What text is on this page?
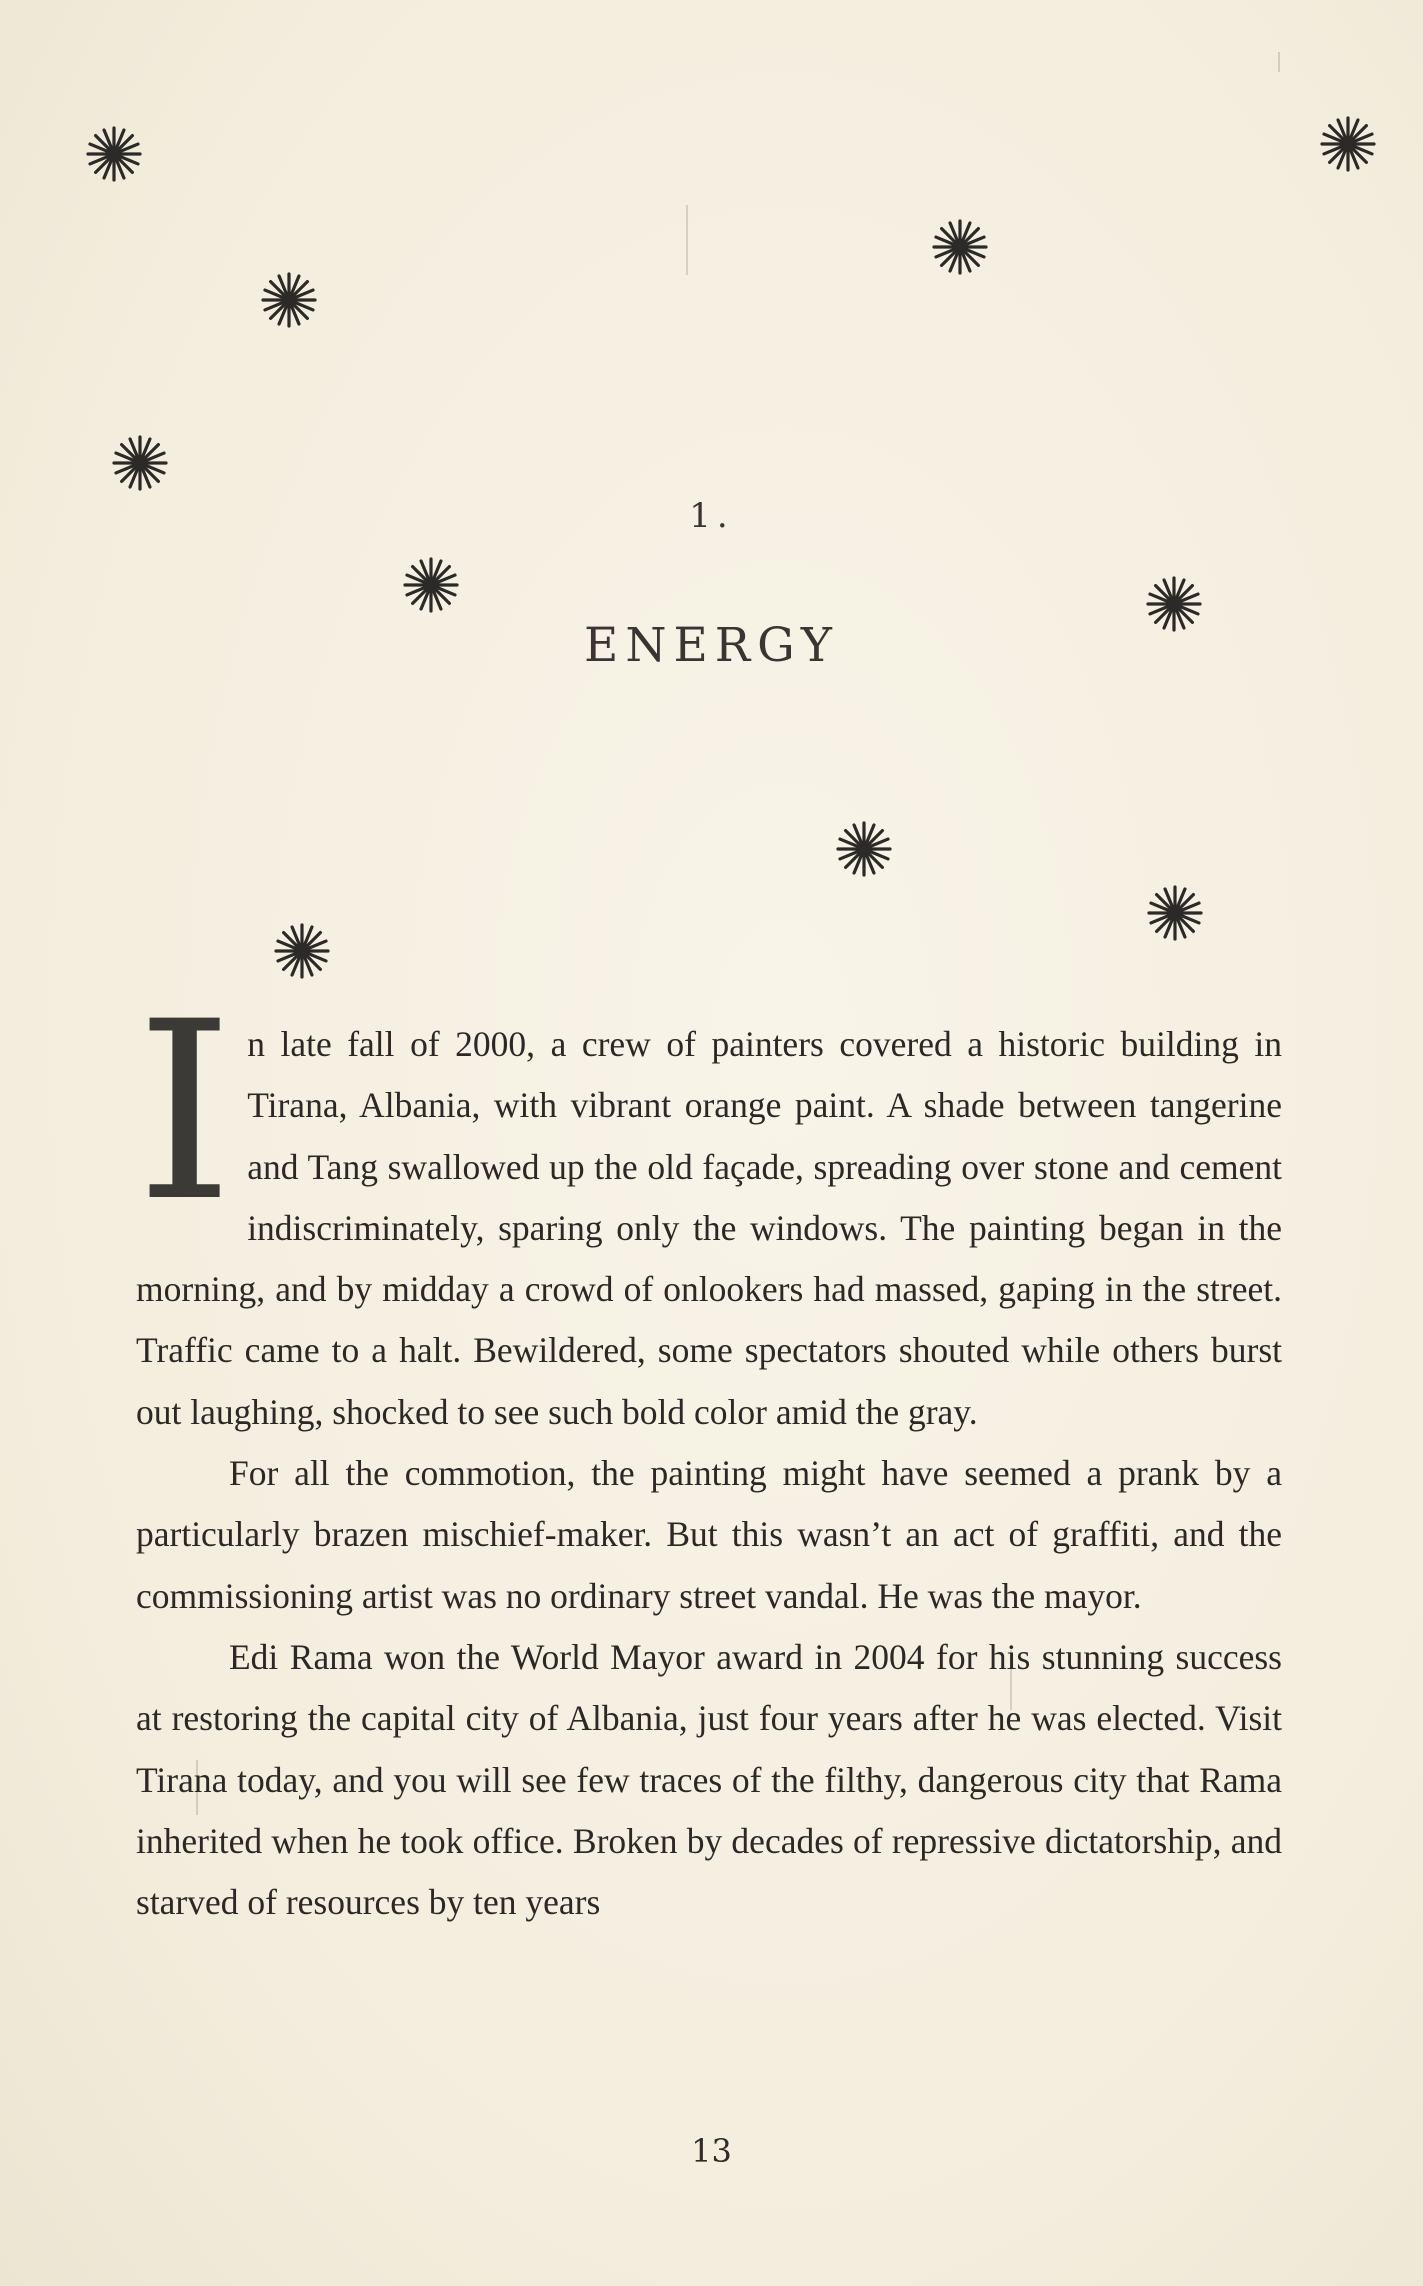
1.
ENERGY

In late fall of 2000, a crew of painters covered a historic building in Tirana, Albania, with vibrant orange paint. A shade between tangerine and Tang swallowed up the old façade, spreading over stone and cement indiscriminately, sparing only the windows. The painting began in the morning, and by midday a crowd of onlookers had massed, gaping in the street. Traffic came to a halt. Bewildered, some spectators shouted while others burst out laughing, shocked to see such bold color amid the gray.

For all the commotion, the painting might have seemed a prank by a particularly brazen mischief-maker. But this wasn’t an act of graffiti, and the commissioning artist was no ordinary street vandal. He was the mayor.

Edi Rama won the World Mayor award in 2004 for his stunning success at restoring the capital city of Albania, just four years after he was elected. Visit Tirana today, and you will see few traces of the filthy, dangerous city that Rama inherited when he took office. Broken by decades of repressive dictatorship, and starved of resources by ten years

13
